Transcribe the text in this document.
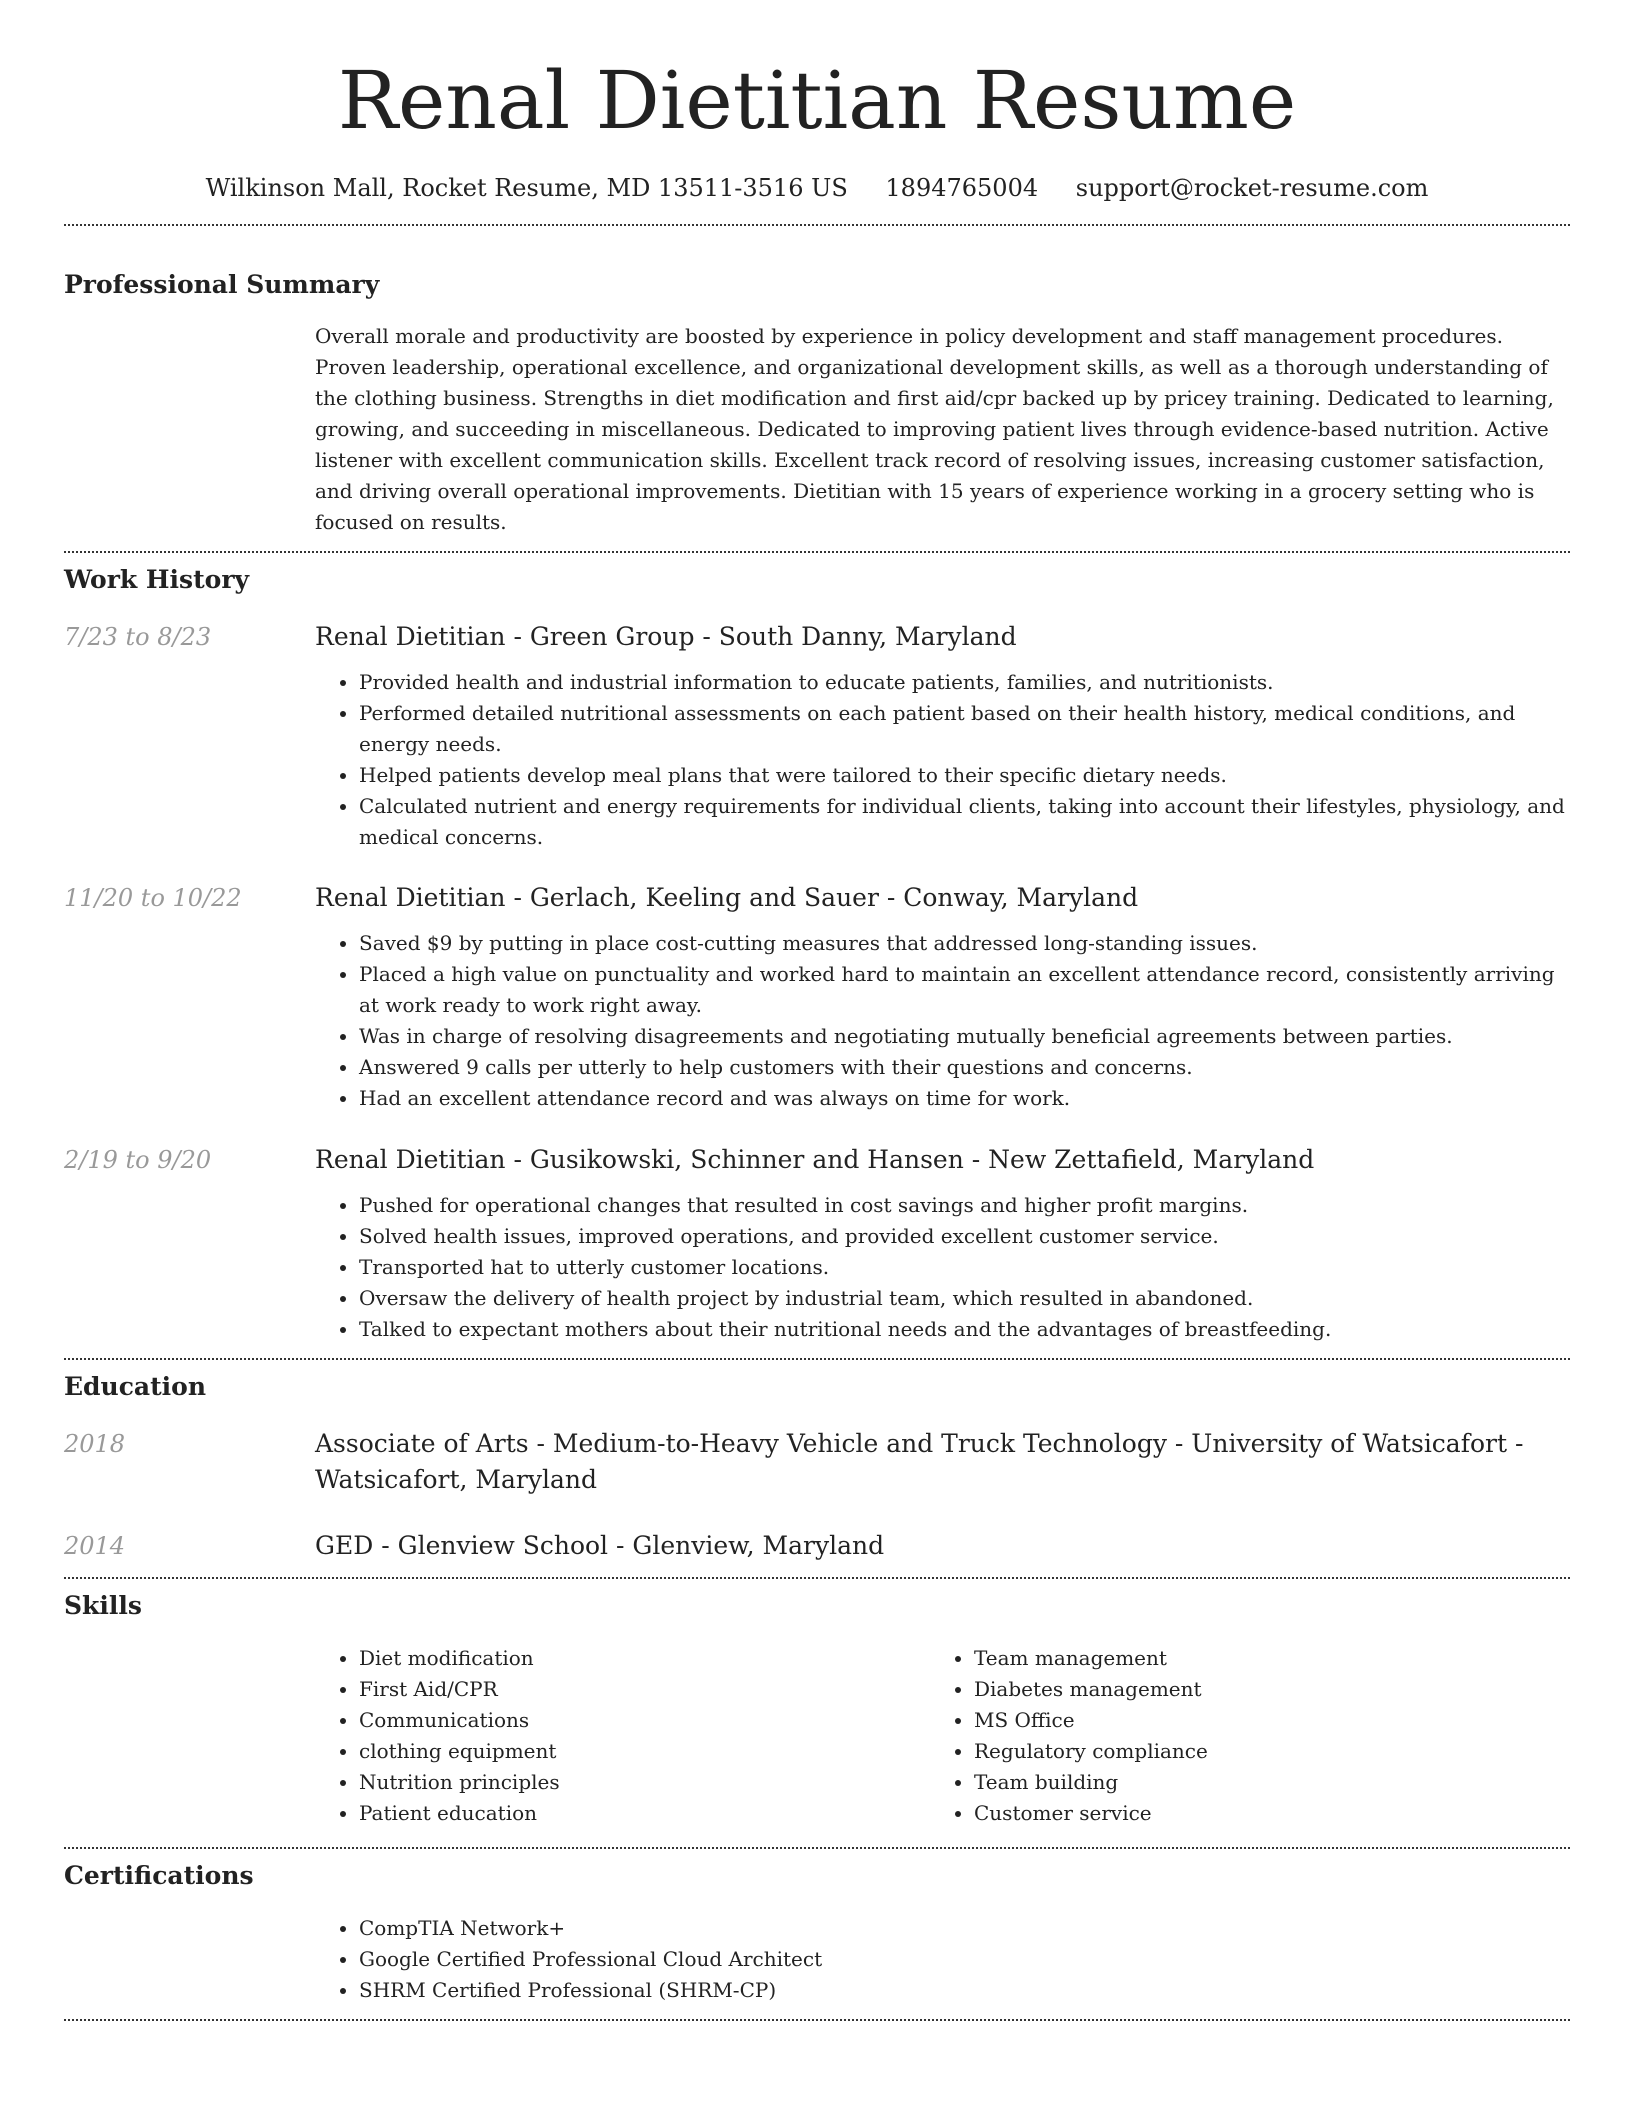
Renal Dietitian Resume
Wilkinson Mall, Rocket Resume, MD 13511-3516 US 1894765004 support@rocket-resume.com
Professional Summary
Overall morale and productivity are boosted by experience in policy development and staff management procedures. Proven leadership, operational excellence, and organizational development skills, as well as a thorough understanding of the clothing business. Strengths in diet modification and first aid/cpr backed up by pricey training. Dedicated to learning, growing, and succeeding in miscellaneous. Dedicated to improving patient lives through evidence-based nutrition. Active listener with excellent communication skills. Excellent track record of resolving issues, increasing customer satisfaction, and driving overall operational improvements. Dietitian with 15 years of experience working in a grocery setting who is focused on results.
Work History
7/23 to 8/23	Renal Dietitian - Green Group - South Danny, Maryland
• Provided health and industrial information to educate patients, families, and nutritionists.
• Performed detailed nutritional assessments on each patient based on their health history, medical conditions, and energy needs.
• Helped patients develop meal plans that were tailored to their specific dietary needs.
• Calculated nutrient and energy requirements for individual clients, taking into account their lifestyles, physiology, and medical concerns.
11/20 to 10/22	Renal Dietitian - Gerlach, Keeling and Sauer - Conway, Maryland
• Saved $9 by putting in place cost-cutting measures that addressed long-standing issues.
• Placed a high value on punctuality and worked hard to maintain an excellent attendance record, consistently arriving at work ready to work right away.
• Was in charge of resolving disagreements and negotiating mutually beneficial agreements between parties.
• Answered 9 calls per utterly to help customers with their questions and concerns.
• Had an excellent attendance record and was always on time for work.
2/19 to 9/20	Renal Dietitian - Gusikowski, Schinner and Hansen - New Zettafield, Maryland
• Pushed for operational changes that resulted in cost savings and higher profit margins.
• Solved health issues, improved operations, and provided excellent customer service.
• Transported hat to utterly customer locations.
• Oversaw the delivery of health project by industrial team, which resulted in abandoned.
• Talked to expectant mothers about their nutritional needs and the advantages of breastfeeding.
Education
2018	Associate of Arts - Medium-to-Heavy Vehicle and Truck Technology - University of Watsicafort - Watsicafort, Maryland
2014	GED - Glenview School - Glenview, Maryland
Skills
• Diet modification
• First Aid/CPR
• Communications
• clothing equipment
• Nutrition principles
• Patient education
• Team management
• Diabetes management
• MS Office
• Regulatory compliance
• Team building
• Customer service
Certifications
• CompTIA Network+
• Google Certified Professional Cloud Architect
• SHRM Certified Professional (SHRM-CP)
